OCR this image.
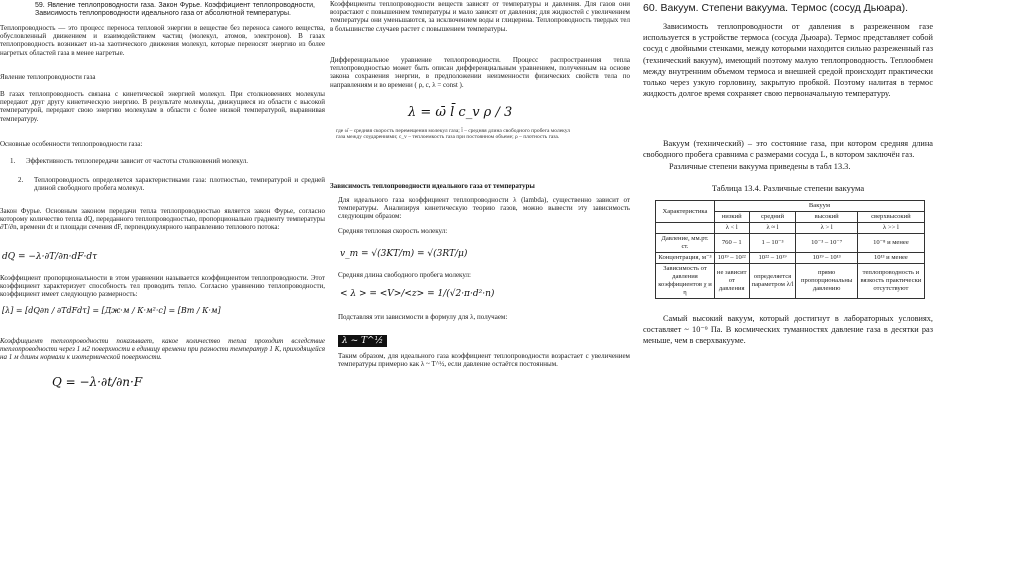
59. Явление теплопроводности газа. Закон Фурье. Коэффициент теплопроводности, Зависимость теплопроводности идеального газа от абсолютной температуры.

Теплопроводность — это процесс переноса тепловой энергии в веществе без переноса самого вещества, обусловленный движением и взаимодействием частиц (молекул, атомов, электронов). В газах теплопроводность возникает из-за хаотического движения молекул, которые переносят энергию из более нагретых областей газа в менее нагретые.

Явление теплопроводности газа

В газах теплопроводность связана с кинетической энергией молекул. При столкновениях молекулы передают друг другу кинетическую энергию. В результате молекулы, движущиеся из области с высокой температурой, передают свою энергию молекулам в области с более низкой температурой, выравнивая температуру.

Основные особенности теплопроводности газа:

1. Эффективность теплопередачи зависит от частоты столкновений молекул.

2. Теплопроводность определяется характеристиками газа: плотностью, температурой и средней длиной свободного пробега молекул.

Закон Фурье. Основным законом передачи тепла теплопроводностью является закон Фурье, согласно которому количество тепла dQ, переданного теплопроводностью, пропорционально градиенту температуры ∂T/∂n, времени dτ и площади сечения dF, перпендикулярного направлению теплового потока:

dQ = −λ·∂T/∂n·dF·dτ

Коэффициент пропорциональности в этом уравнении называется коэффициентом теплопроводности. Этот коэффициент характеризует способность тел проводить тепло. Согласно уравнению теплопроводности, коэффициент имеет следующую размерность:

[λ] = [dQ∂n / ∂TdFdτ] = [Дж·м / К·м²·с] = [Вт / К·м]

Коэффициент теплопроводности показывает, какое количество тепла проходит вследствие теплопроводности через 1 м2 поверхности в единицу времени при разности температур 1 К, приходящейся на 1 м длины нормали к изотермической поверхности.

Q = −λ·∂t/∂n·F

Коэффициенты теплопроводности веществ зависят от температуры и давления. Для газов они возрастают с повышением температуры и мало зависят от давления; для жидкостей с увеличением температуры они уменьшаются, за исключением воды и глицерина. Теплопроводность твердых тел в большинстве случаев растет с повышением температуры.

Дифференциальное уравнение теплопроводности. Процесс распространения тепла теплопроводностью может быть описан дифференциальным уравнением, полученным на основе закона сохранения энергии, в предположении неизменности физических свойств тела по направлениям и во времени ( ρ, c, λ = const ).

λ = ω̄ l̄ c_v ρ / 3

где ω̄ – средняя скорость перемещения молекул газа; l̄ – средняя длина свободного пробега молекул газа между соударениями; c_v – теплоемкость газа при постоянном объеме; ρ – плотность газа.

Зависимость теплопроводности идеального газа от температуры

Для идеального газа коэффициент теплопроводности λ (lambda), существенно зависит от температуры. Анализируя кинетическую теорию газов, можно вывести эту зависимость следующим образом:

Средняя тепловая скорость молекул:

v_т = √(3KT/m) = √(3RT/μ)

Средняя длина свободного пробега молекул:

< λ > = <V>/<z> = 1/(√2·π·d²·n)

Подставляя эти зависимости в формулу для λ, получаем:

λ ~ T^½

Таким образом, для идеального газа коэффициент теплопроводности возрастает с увеличением температуры примерно как λ ~ T^½, если давление остаётся постоянным.

60. Вакуум. Степени вакуума. Термос (сосуд Дьюара).

Зависимость теплопроводности от давления в разреженном газе используется в устройстве термоса (сосуда Дьюара). Термос представляет собой сосуд с двойными стенками, между которыми находится сильно разреженный газ (технический вакуум), имеющий поэтому малую теплопроводность. Теплообмен между внутренним объемом термоса и внешней средой происходит практически только через узкую горловину, закрытую пробкой. Поэтому налитая в термос жидкость долгое время сохраняет свою первоначальную температуру.

Вакуум (технический) – это состояние газа, при котором средняя длина свободного пробега сравнима с размерами сосуда L, в котором заключён газ.

Различные степени вакуума приведены в табл 13.3.

Таблица 13.4. Различные степени вакуума

Характеристика	Вакуум			
	низкий	средний	высокий	сверхвысокий
	λ < l	λ ≈ l	λ > l	λ >> l
Давление, мм.рт. ст.	760 – 1	1 – 10⁻³	10⁻³ – 10⁻⁷	10⁻⁸ и менее
Концентрация, м⁻³	10¹⁹ – 10²²	10²² – 10¹⁹	10¹⁹ – 10¹³	10¹³ и менее
Зависимость от давления коэффициентов χ и η	не зависит от давления	определяется параметром λ/l	прямо пропорциональны давлению	теплопроводность и вязкость практически отсутствуют

Самый высокий вакуум, который достигнут в лабораторных условиях, составляет ~ 10⁻⁹ Па. В космических туманностях давление газа в десятки раз меньше, чем в сверхвакууме.
